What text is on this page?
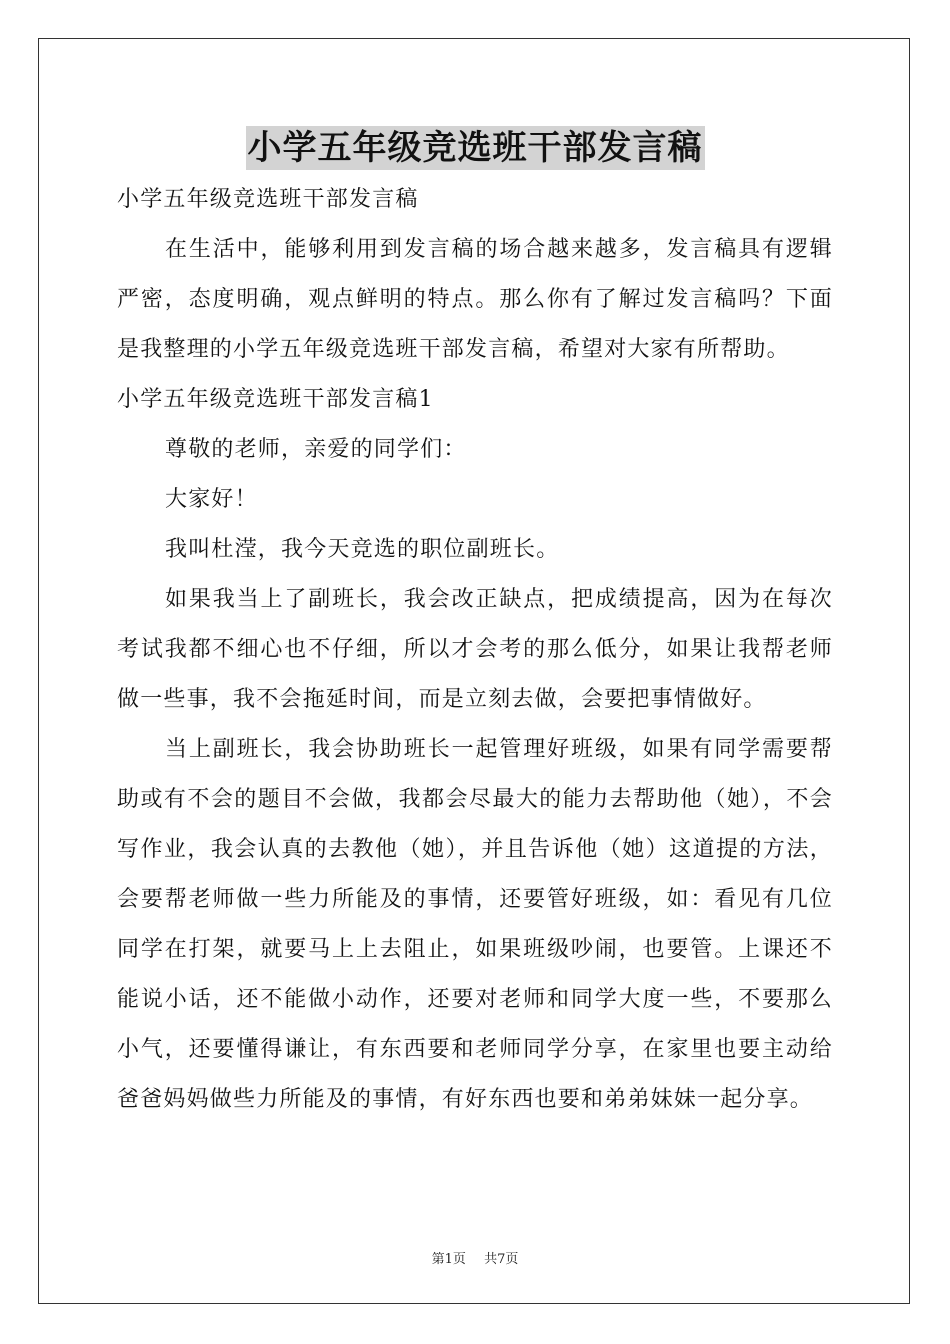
小学五年级竞选班干部发言稿

小学五年级竞选班干部发言稿

在生活中，能够利用到发言稿的场合越来越多，发言稿具有逻辑严密，态度明确，观点鲜明的特点。那么你有了解过发言稿吗？下面是我整理的小学五年级竞选班干部发言稿，希望对大家有所帮助。

小学五年级竞选班干部发言稿1

尊敬的老师，亲爱的同学们：

大家好！

我叫杜滢，我今天竞选的职位副班长。

如果我当上了副班长，我会改正缺点，把成绩提高，因为在每次考试我都不细心也不仔细，所以才会考的那么低分，如果让我帮老师做一些事，我不会拖延时间，而是立刻去做，会要把事情做好。

当上副班长，我会协助班长一起管理好班级，如果有同学需要帮助或有不会的题目不会做，我都会尽最大的能力去帮助他（她），不会写作业，我会认真的去教他（她），并且告诉他（她）这道提的方法，会要帮老师做一些力所能及的事情，还要管好班级，如：看见有几位同学在打架，就要马上上去阻止，如果班级吵闹，也要管。上课还不能说小话，还不能做小动作，还要对老师和同学大度一些，不要那么小气，还要懂得谦让，有东西要和老师同学分享，在家里也要主动给爸爸妈妈做些力所能及的事情，有好东西也要和弟弟妹妹一起分享。

第1页 共7页
